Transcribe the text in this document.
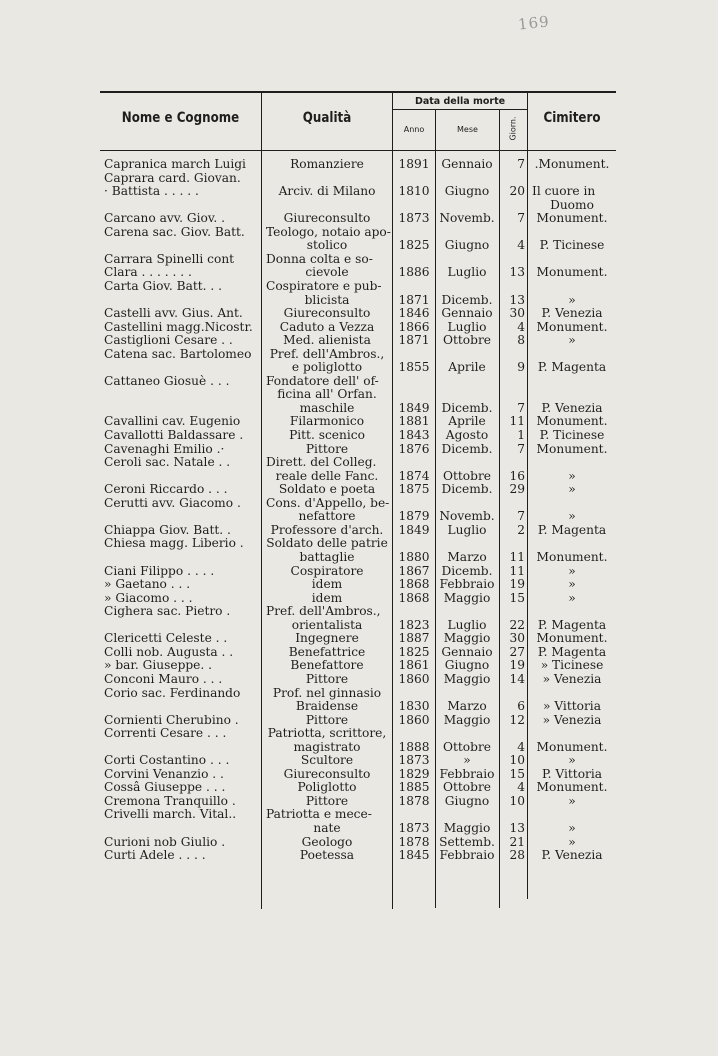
169
Nome e Cognome	Qualità
Data della morte
Anno	Mese	Giorn.	Cimitero
Capranica march Luigi	Romanziere	1891 Gennaio	7 .Monument.
Caprara card. Giovan.
· Battista . . . . .	Arciv. di Milano	1810	Giugno	20 Il cuore in
Duomo
Carcano avv. Giov. .	Giureconsulto	1873 Novemb.	7 Monument.
Carena sac. Giov. Batt.	Teologo, notaio apo-
stolico	1825	Giugno	4	P. Ticinese
Carrara Spinelli cont	Donna colta e so-
Clara . . . . . . .	cievole	1886	Luglio	13 Monument.
Carta Giov. Batt. . .	Cospiratore e pub-
blicista	1871 Dicemb.	13	»
Castelli avv. Gius. Ant.	Giureconsulto	1846 Gennaio	30	P. Venezia
Castellini magg.Nicostr.	Caduto a Vezza	1866	Luglio	4 Monument.
Castiglioni Cesare . .	Med. alienista	1871	Ottobre	8	»
Catena sac. Bartolomeo	Pref. dell'Ambros.,
e poliglotto	1855	Aprile	9	P. Magenta
Cattaneo Giosuè . . .	Fondatore dell' of-
ficina all' Orfan.
maschile	1849 Dicemb.	7	P. Venezia
Cavallini cav. Eugenio	Filarmonico	1881	Aprile	11 Monument.
Cavallotti Baldassare .	Pitt. scenico	1843	Agosto	1	P. Ticinese
Cavenaghi Emilio .·	Pittore	1876 Dicemb.	7 Monument.
Ceroli sac. Natale . .	Dirett. del Colleg.
reale delle Fanc.	1874	Ottobre	16	»
Ceroni Riccardo . . .	Soldato e poeta	1875 Dicemb.	29	»
Cerutti avv. Giacomo .	Cons. d'Appello, be-
nefattore	1879 Novemb.	7	»
Chiappa Giov. Batt. .	Professore d'arch.	1849	Luglio	2	P. Magenta
Chiesa magg. Liberio .	Soldato delle patrie
battaglie	1880	Marzo	11 Monument.
Ciani Filippo . . . .	Cospiratore	1867 Dicemb.	11	»
» Gaetano . . .	idem	1868 Febbraio	19	»
» Giacomo . . .	idem	1868	Maggio	15	»
Cighera sac. Pietro .	Pref. dell'Ambros.,
orientalista	1823	Luglio	22	P. Magenta
Clericetti Celeste . .	Ingegnere	1887	Maggio	30 Monument.
Colli nob. Augusta . .	Benefattrice	1825 Gennaio	27	P. Magenta
» bar. Giuseppe. .	Benefattore	1861	Giugno	19	» Ticinese
Conconi Mauro . . .	Pittore	1860	Maggio	14	» Venezia
Corio sac. Ferdinando	Prof. nel ginnasio
Braidense	1830	Marzo	6	» Vittoria
Cornienti Cherubino .	Pittore	1860	Maggio	12	» Venezia
Correnti Cesare . . .	Patriotta, scrittore,
magistrato	1888	Ottobre	4 Monument.
Corti Costantino . . .	Scultore	1873	»	10	»
Corvini Venanzio . .	Giureconsulto	1829 Febbraio	15	P. Vittoria
Cossâ Giuseppe . . .	Poliglotto	1885	Ottobre	4 Monument.
Cremona Tranquillo .	Pittore	1878	Giugno	10	»
Crivelli march. Vital..	Patriotta e mece-
nate	1873	Maggio	13	»
Curioni nob Giulio .	Geologo	1878 Settemb.	21	»
Curti Adele . . . .	Poetessa	1845 Febbraio	28	P. Venezia
